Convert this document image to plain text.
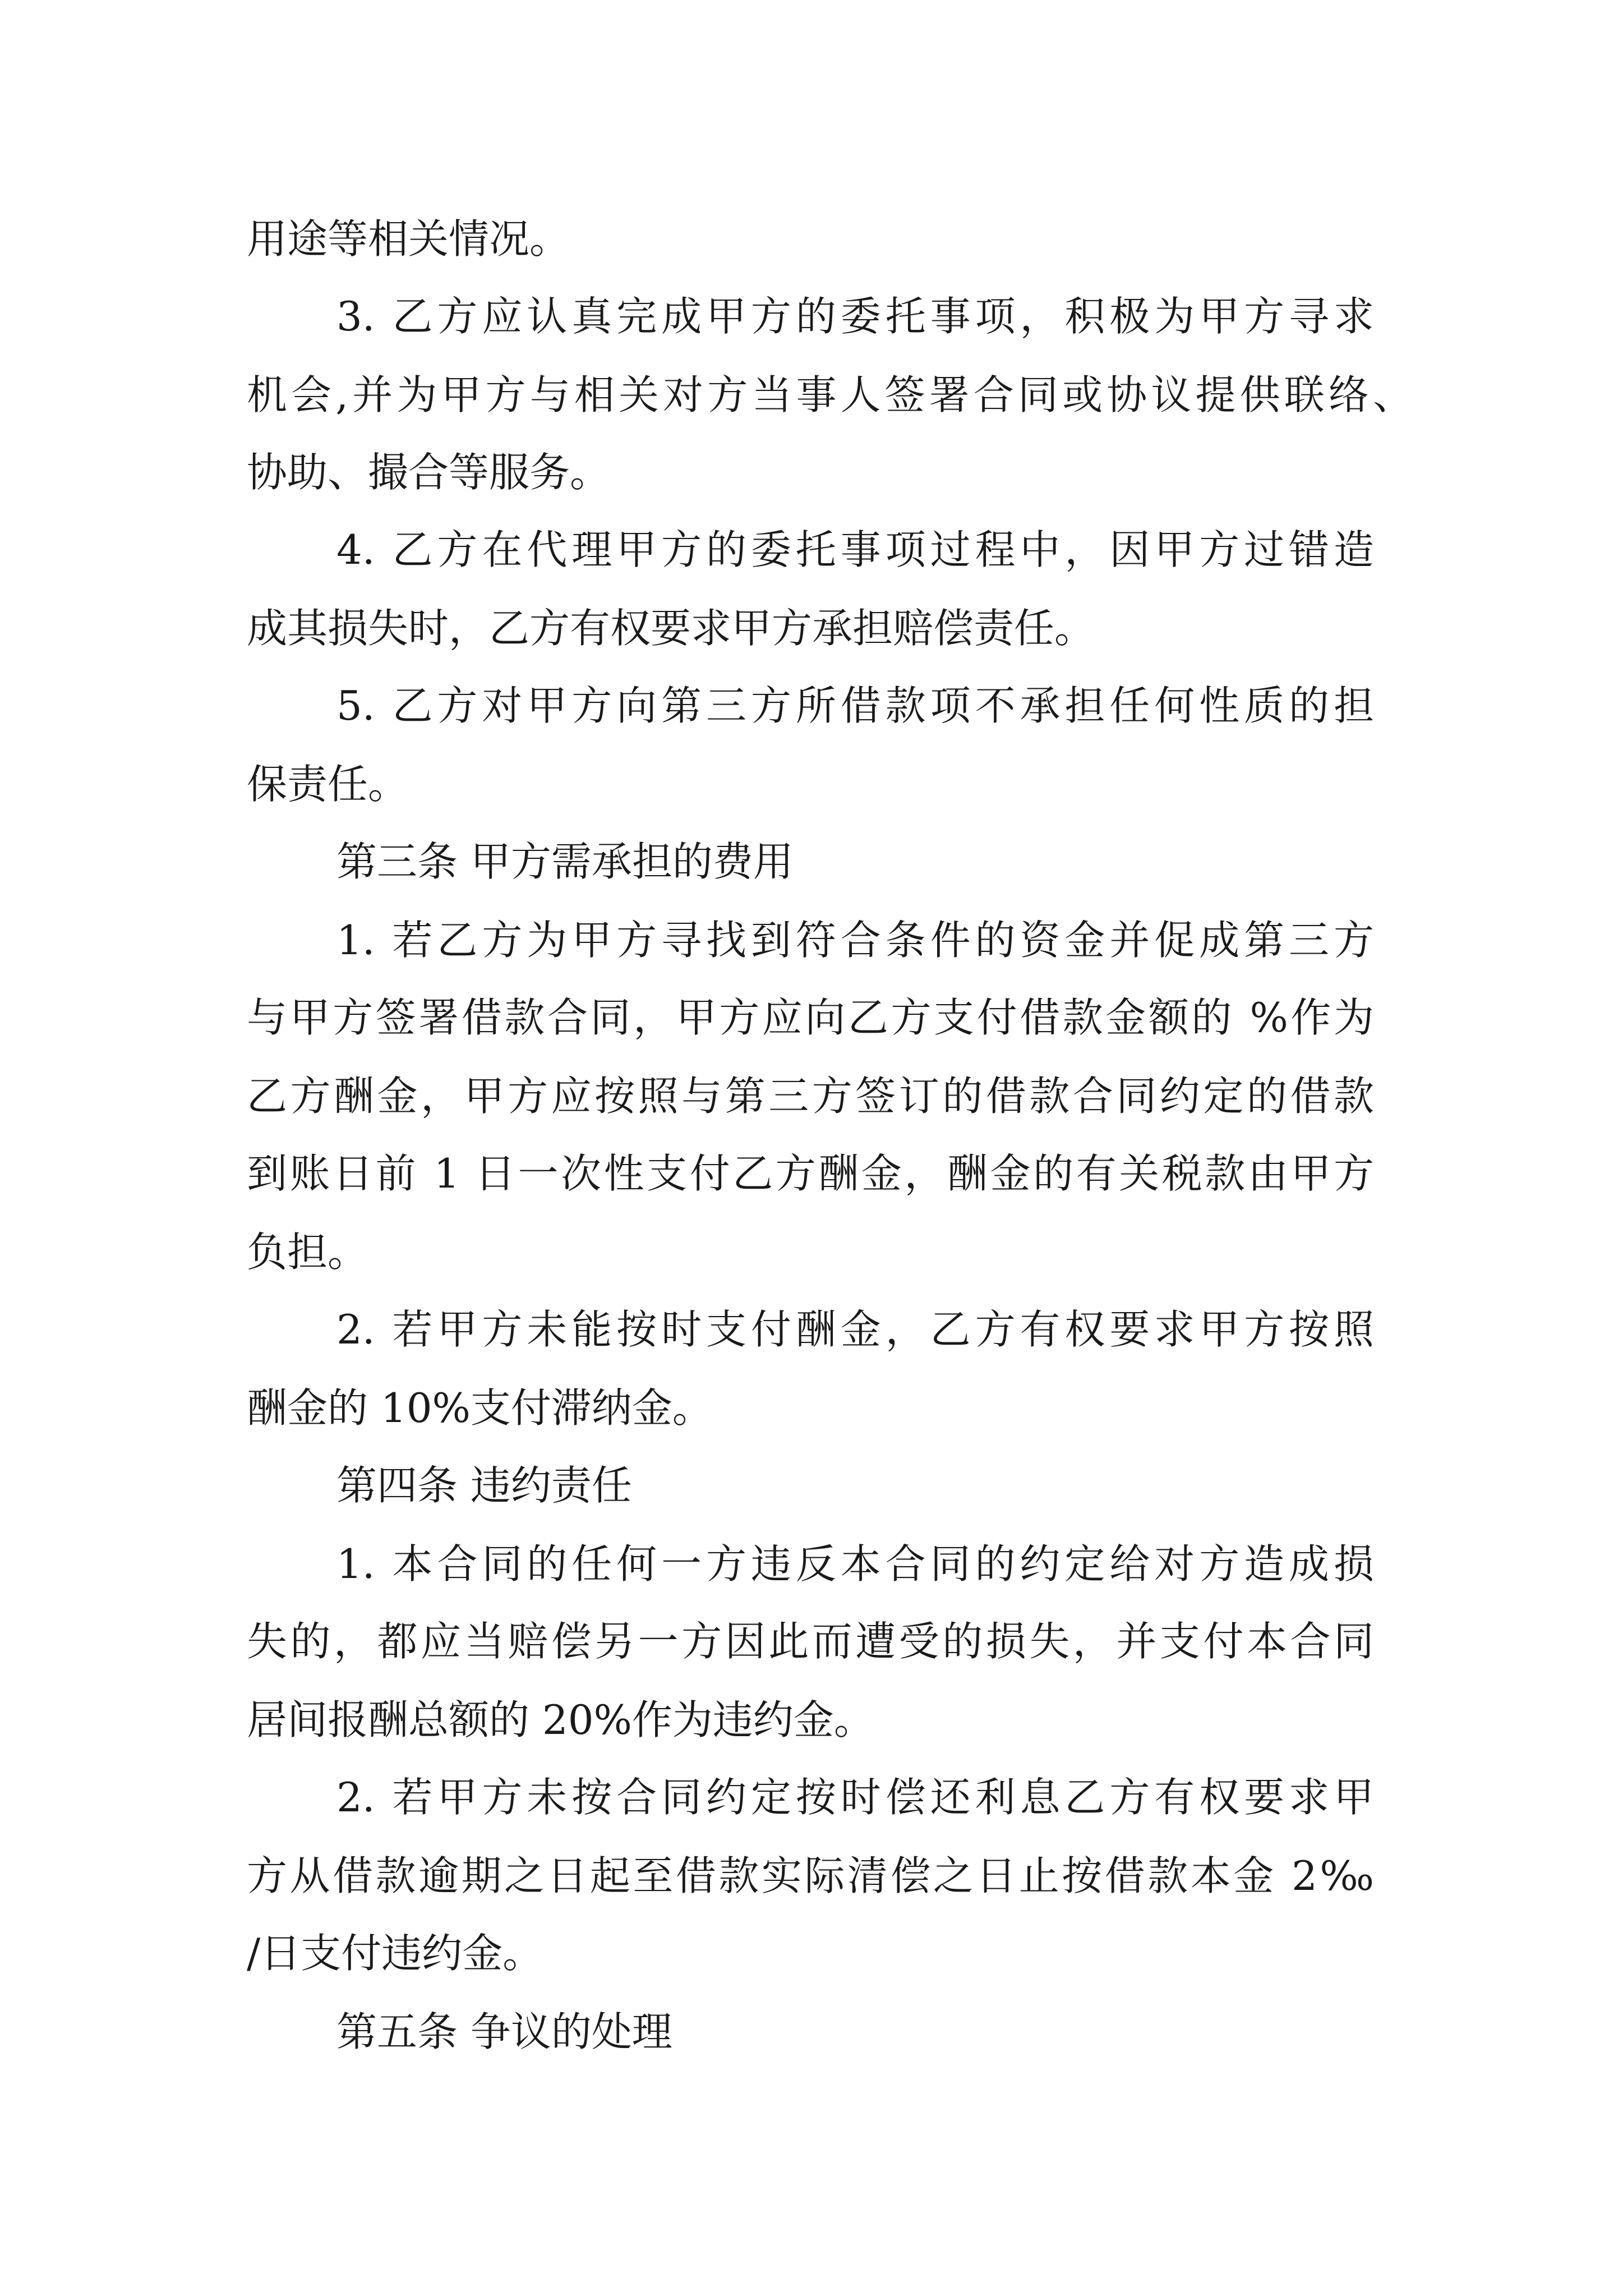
用途等相关情况。
3. 乙方应认真完成甲方的委托事项，积极为甲方寻求
机会,并为甲方与相关对方当事人签署合同或协议提供联络、
协助、撮合等服务。
4. 乙方在代理甲方的委托事项过程中，因甲方过错造
成其损失时，乙方有权要求甲方承担赔偿责任。
5. 乙方对甲方向第三方所借款项不承担任何性质的担
保责任。
第三条 甲方需承担的费用
1. 若乙方为甲方寻找到符合条件的资金并促成第三方
与甲方签署借款合同，甲方应向乙方支付借款金额的 %作为
乙方酬金，甲方应按照与第三方签订的借款合同约定的借款
到账日前 1 日一次性支付乙方酬金，酬金的有关税款由甲方
负担。
2. 若甲方未能按时支付酬金，乙方有权要求甲方按照
酬金的 10%支付滞纳金。
第四条 违约责任
1. 本合同的任何一方违反本合同的约定给对方造成损
失的，都应当赔偿另一方因此而遭受的损失，并支付本合同
居间报酬总额的 20%作为违约金。
2. 若甲方未按合同约定按时偿还利息乙方有权要求甲
方从借款逾期之日起至借款实际清偿之日止按借款本金 2‰
/日支付违约金。
第五条 争议的处理
